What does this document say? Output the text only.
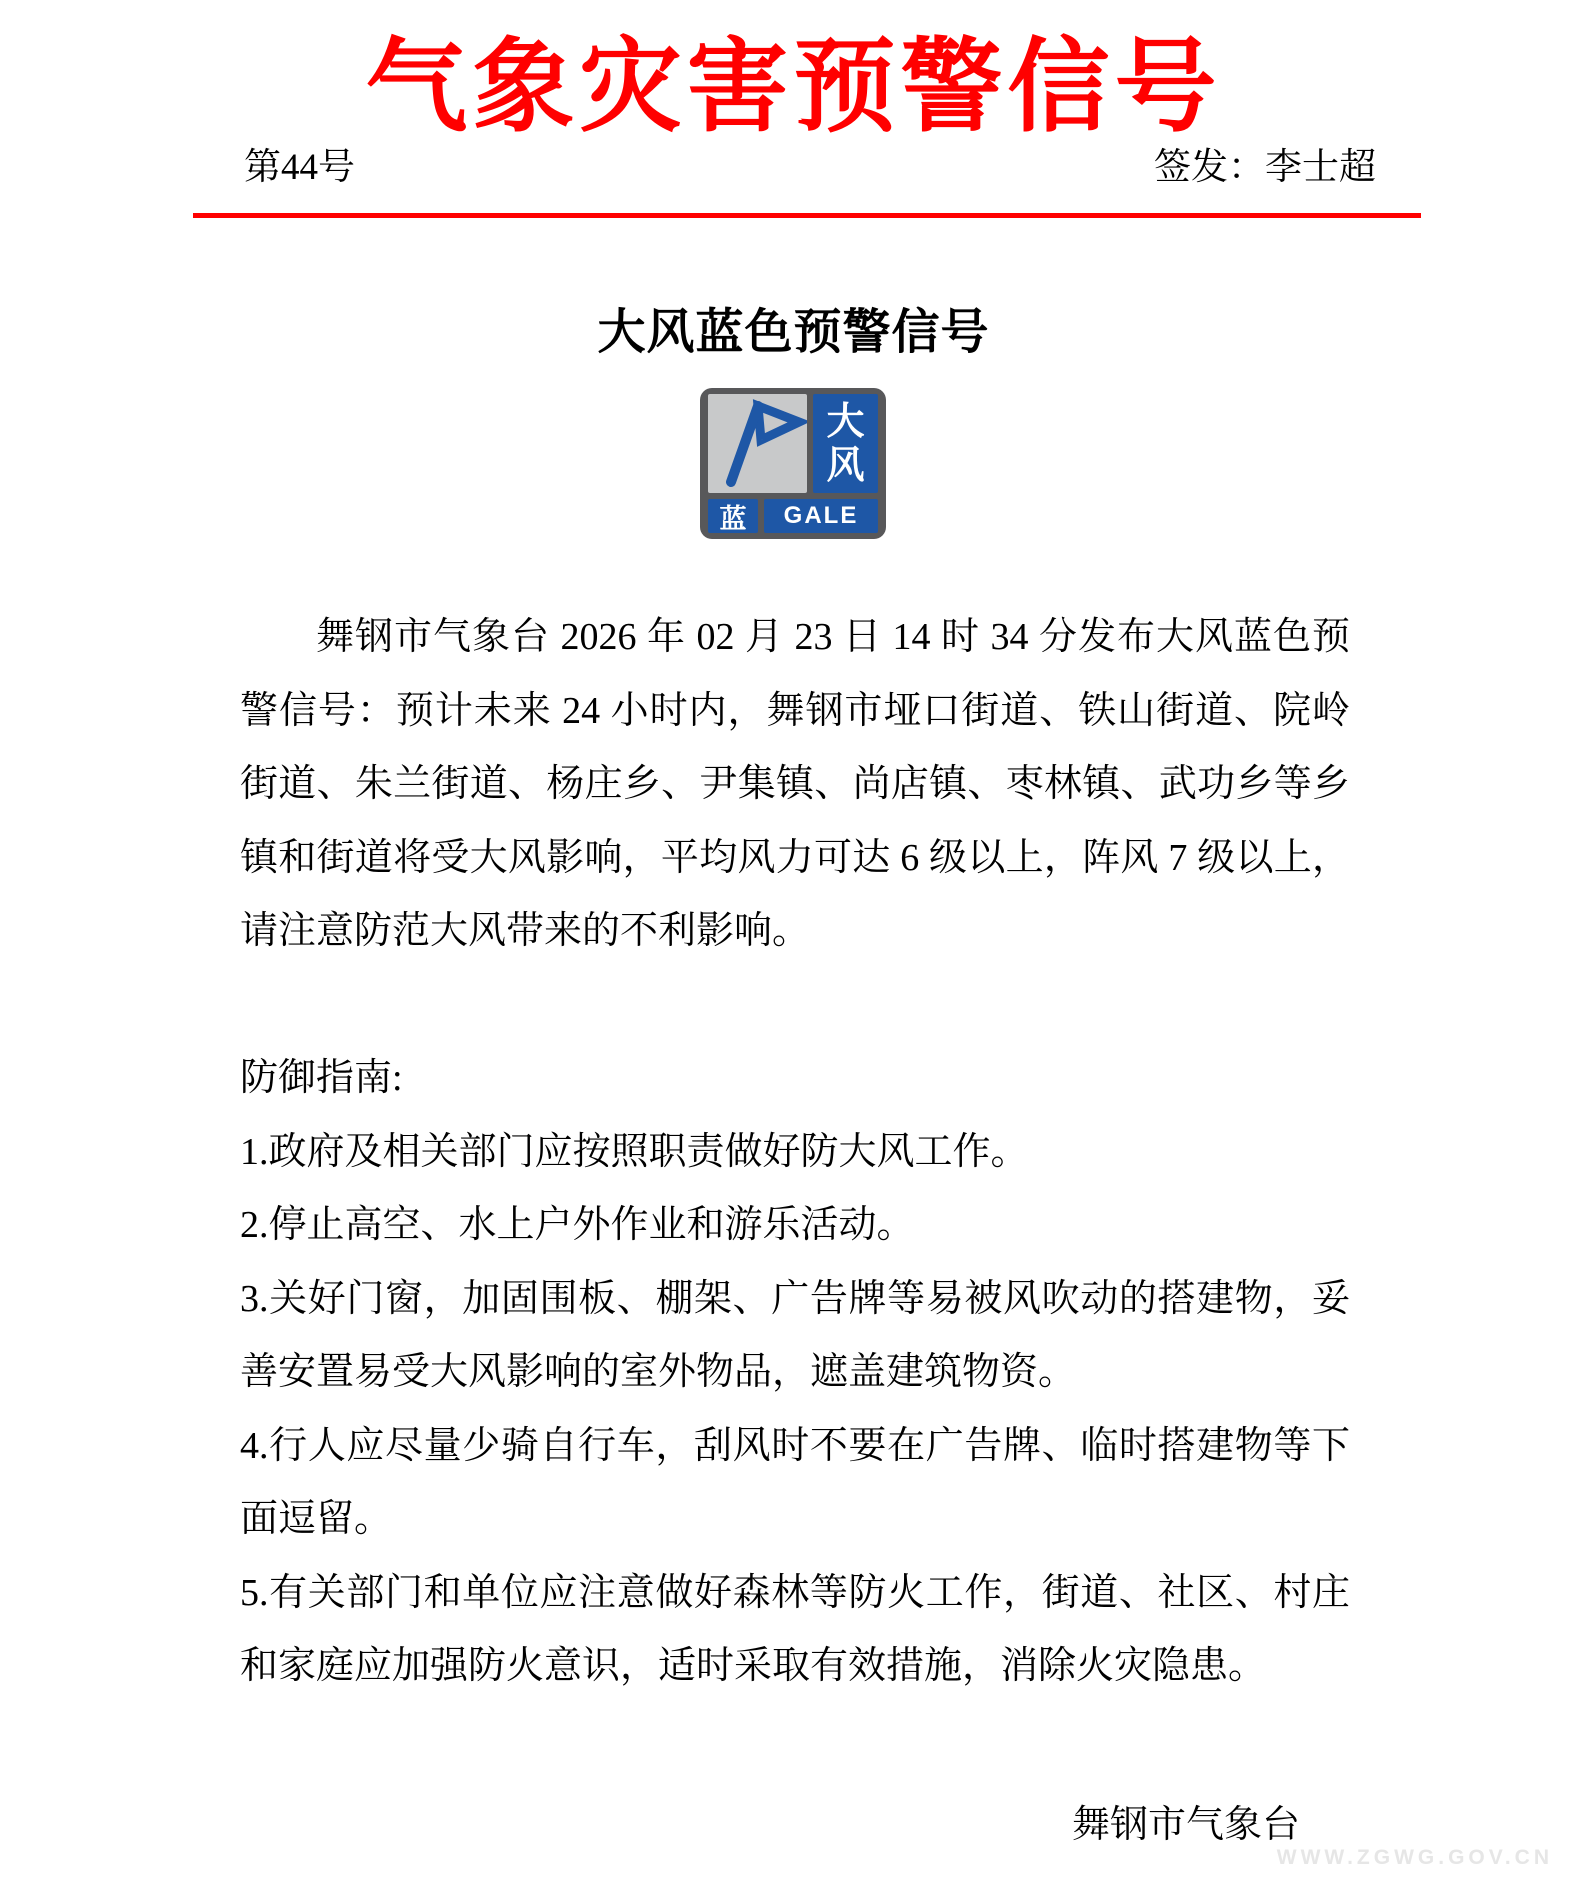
气象灾害预警信号
第44号	签发：李士超
大风蓝色预警信号
大
风
蓝	GALE

舞钢市气象台 2026 年 02 月 23 日 14 时 34 分发布大风蓝色预警信号：预计未来 24 小时内，舞钢市垭口街道、铁山街道、院岭街道、朱兰街道、杨庄乡、尹集镇、尚店镇、枣林镇、武功乡等乡镇和街道将受大风影响，平均风力可达 6 级以上，阵风 7 级以上，请注意防范大风带来的不利影响。

防御指南:

1.政府及相关部门应按照职责做好防大风工作。

2.停止高空、水上户外作业和游乐活动。

3.关好门窗，加固围板、棚架、广告牌等易被风吹动的搭建物，妥善安置易受大风影响的室外物品，遮盖建筑物资。

4.行人应尽量少骑自行车，刮风时不要在广告牌、临时搭建物等下面逗留。

5.有关部门和单位应注意做好森林等防火工作，街道、社区、村庄和家庭应加强防火意识，适时采取有效措施，消除火灾隐患。

舞钢市气象台
WWW.ZGWG.GOV.CN
